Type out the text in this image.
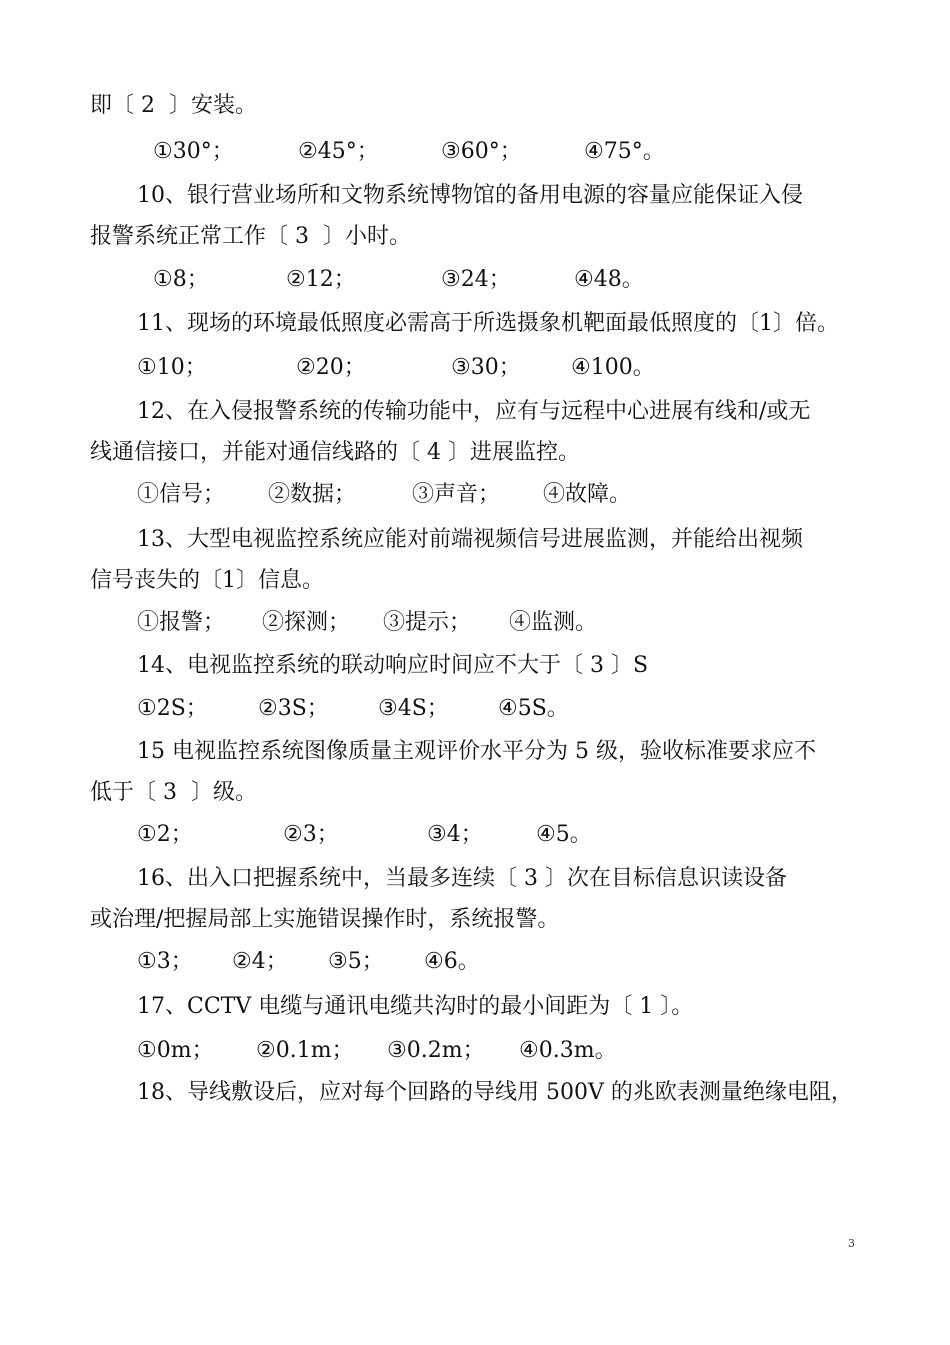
即〔 2  〕安装。
①30°；	②45°；	③60°；	④75°。
10、银行营业场所和文物系统博物馆的备用电源的容量应能保证入侵
报警系统正常工作〔 3  〕小时。
①8；	②12；	③24；	④48。
11、现场的环境最低照度必需高于所选摄象机靶面最低照度的〔1〕倍。
①10；	②20；	③30； ④100。
12、在入侵报警系统的传输功能中，应有与远程中心进展有线和/或无
线通信接口，并能对通信线路的〔 4 〕进展监控。
①信号； ②数据；	③声音； ④故障。
13、大型电视监控系统应能对前端视频信号进展监测，并能给出视频
信号丧失的〔1〕信息。
①报警； ②探测； ③提示； ④监测。
14、电视监控系统的联动响应时间应不大于〔 3 〕S
①2S； ②3S； ③4S； ④5S。
15 电视监控系统图像质量主观评价水平分为 5 级，验收标准要求应不
低于〔 3  〕级。
①2；	②3；	③4； ④5。
16、出入口把握系统中，当最多连续〔 3 〕次在目标信息识读设备
或治理/把握局部上实施错误操作时，系统报警。
①3； ②4； ③5； ④6。
17、CCTV 电缆与通讯电缆共沟时的最小间距为〔 1 〕。
①0m； ②0.1m； ③0.2m； ④0.3m。
18、导线敷设后，应对每个回路的导线用 500V 的兆欧表测量绝缘电阻，
3
